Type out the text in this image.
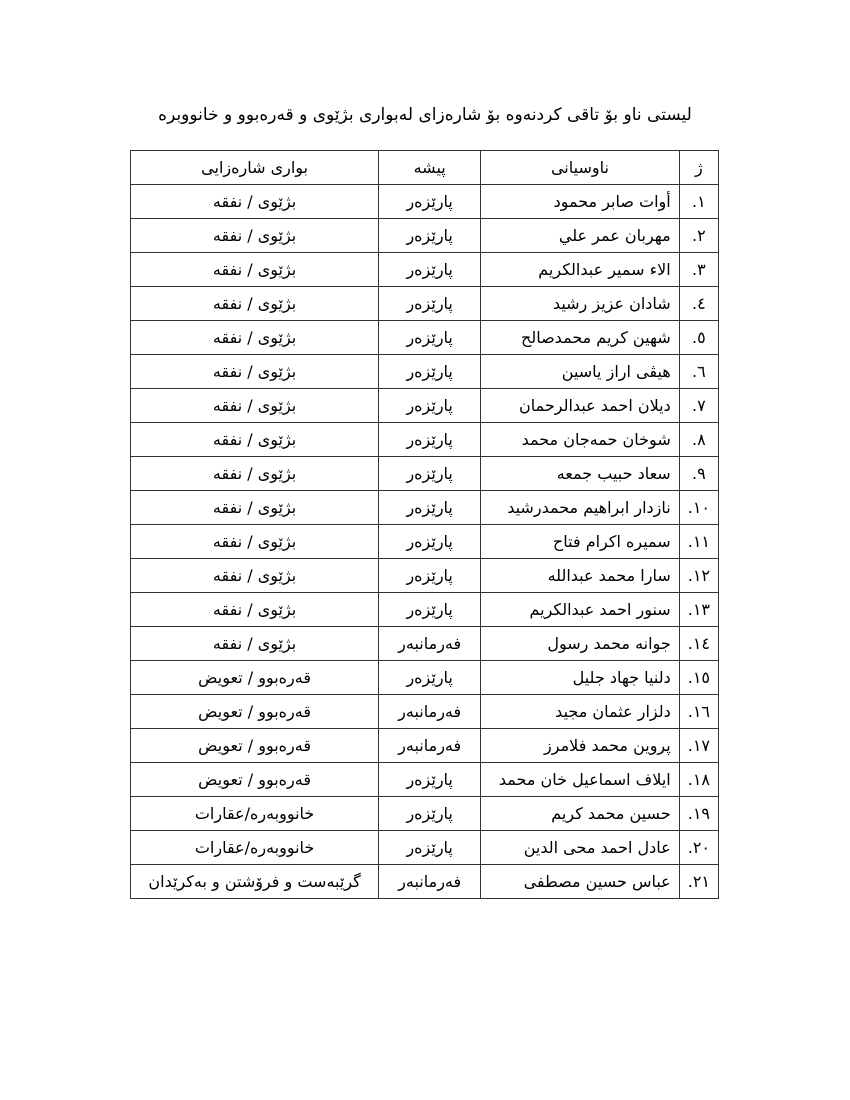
لیستی ناو بۆ تاقی کردنەوە بۆ شارەزای لەبواری بژێوی و قەرەبوو و خانووبرە
ژ	ناوسیانی	پیشە	بواری شارەزایی
١.	أوات صابر محمود	پارێزەر	بژێوی / نفقه
٢.	مهربان عمر علي	پارێزەر	بژێوی / نفقه
٣.	الاء سمير عبدالكريم	پارێزەر	بژێوی / نفقه
٤.	شادان عزيز رشيد	پارێزەر	بژێوی / نفقه
٥.	شهين كريم محمدصالح	پارێزەر	بژێوی / نفقه
٦.	هيڤی اراز ياسين	پارێزەر	بژێوی / نفقه
٧.	ديلان احمد عبدالرحمان	پارێزەر	بژێوی / نفقه
٨.	شوخان حمەجان محمد	پارێزەر	بژێوی / نفقه
٩.	سعاد حبيب جمعه	پارێزەر	بژێوی / نفقه
١٠.	نازدار ابراهيم محمدرشيد	پارێزەر	بژێوی / نفقه
١١.	سميره اكرام فتاح	پارێزەر	بژێوی / نفقه
١٢.	سارا محمد عبدالله	پارێزەر	بژێوی / نفقه
١٣.	سنور احمد عبدالكريم	پارێزەر	بژێوی / نفقه
١٤.	جوانه محمد رسول	فەرمانبەر	بژێوی / نفقه
١٥.	دلنيا جهاد جليل	پارێزەر	قەرەبوو / تعويض
١٦.	دلزار عثمان مجيد	فەرمانبەر	قەرەبوو / تعويض
١٧.	پروين محمد فلامرز	فەرمانبەر	قەرەبوو / تعويض
١٨.	ايلاف اسماعيل خان محمد	پارێزەر	قەرەبوو / تعويض
١٩.	حسين محمد كريم	پارێزەر	خانووبەرە/عقارات
٢٠.	عادل احمد محی الدين	پارێزەر	خانووبەرە/عقارات
٢١.	عباس حسين مصطفى	فەرمانبەر	گرێبەست و فرۆشتن و بەکرێدان
